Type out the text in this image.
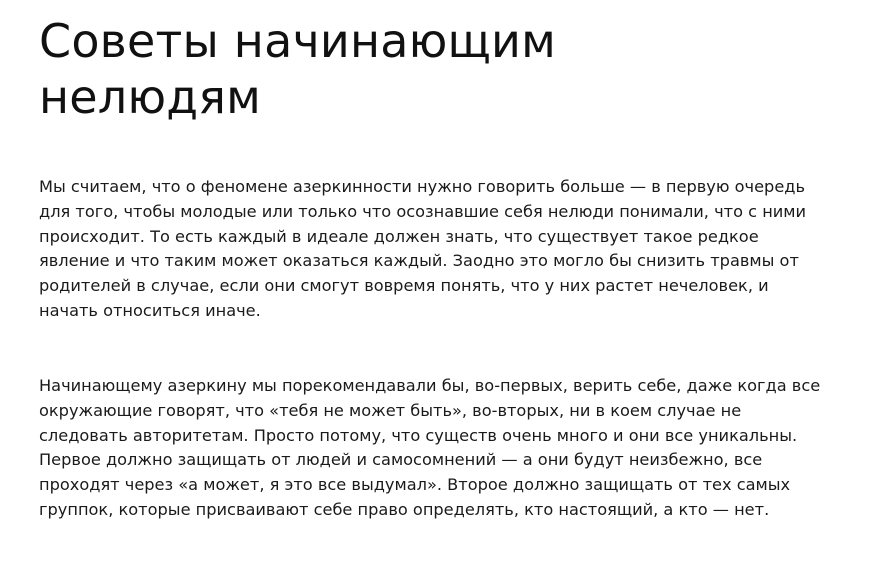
Советы начинающим нелюдям

Мы считаем, что о феномене азеркинности нужно говорить больше — в первую очередь для того, чтобы молодые или только что осознавшие себя нелюди понимали, что с ними происходит. То есть каждый в идеале должен знать, что существует такое редкое явление и что таким может оказаться каждый. Заодно это могло бы снизить травмы от родителей в случае, если они смогут вовремя понять, что у них растет нечеловек, и начать относиться иначе.

Начинающему азеркину мы порекомендавали бы, во-первых, верить себе, даже когда все окружающие говорят, что «тебя не может быть», во-вторых, ни в коем случае не следовать авторитетам. Просто потому, что существ очень много и они все уникальны. Первое должно защищать от людей и самосомнений — а они будут неизбежно, все проходят через «а может, я это все выдумал». Второе должно защищать от тех самых группок, которые присваивают себе право определять, кто настоящий, а кто — нет.
